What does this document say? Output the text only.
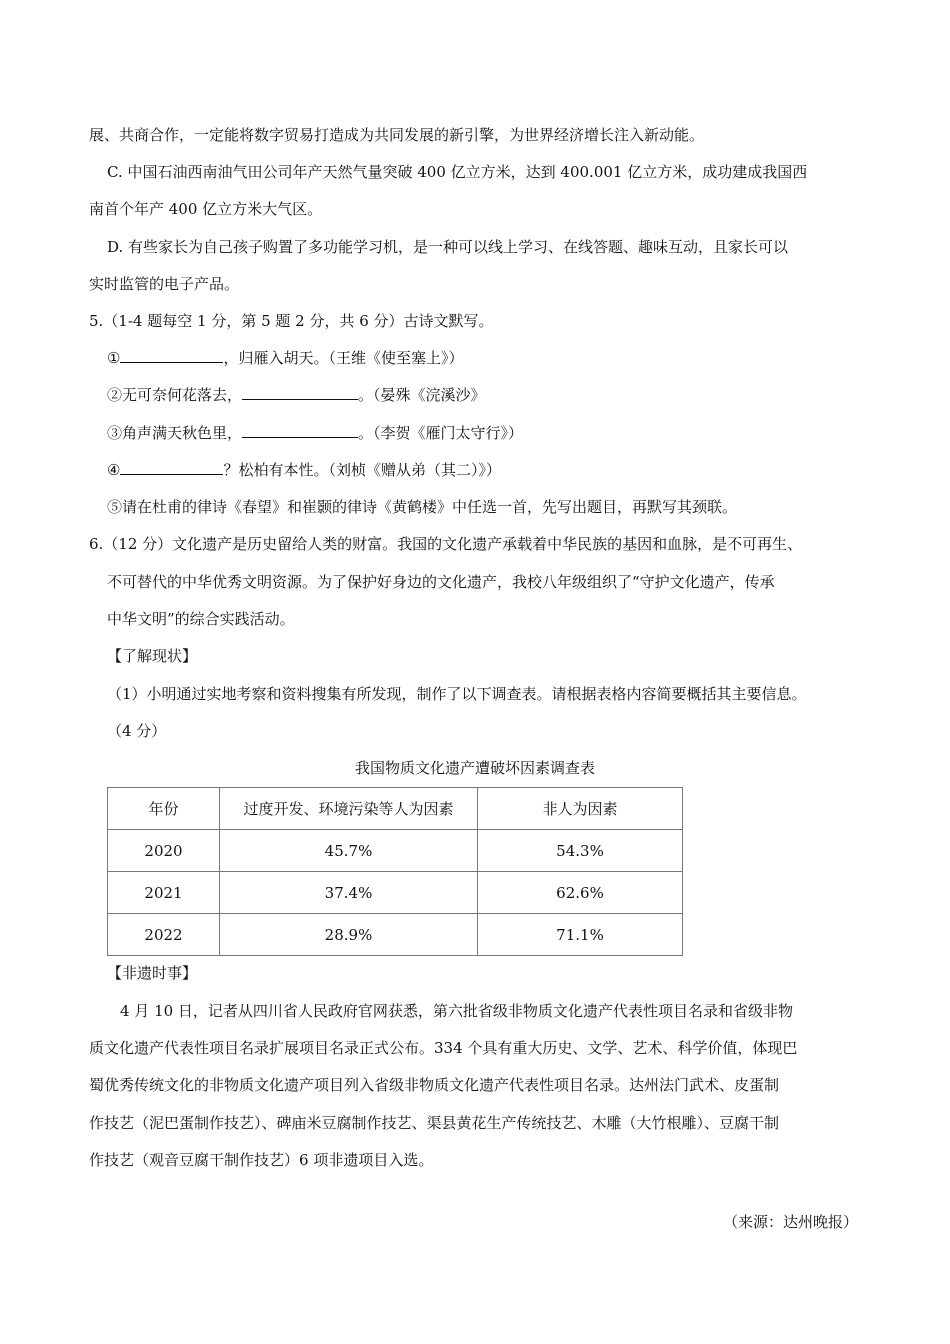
展、共商合作，一定能将数字贸易打造成为共同发展的新引擎，为世界经济增长注入新动能。
C. 中国石油西南油气田公司年产天然气量突破 400 亿立方米，达到 400.001 亿立方米，成功建成我国西
南首个年产 400 亿立方米大气区。
D. 有些家长为自己孩子购置了多功能学习机，是一种可以线上学习、在线答题、趣味互动，且家长可以
实时监管的电子产品。
5.（1-4 题每空 1 分，第 5 题 2 分，共 6 分）古诗文默写。
①	，归雁入胡天。（王维《使至塞上》）
②无可奈何花落去，	。（晏殊《浣溪沙》
③角声满天秋色里，	。（李贺《雁门太守行》）
④	？松柏有本性。（刘桢《赠从弟（其二）》）
⑤请在杜甫的律诗《春望》和崔颢的律诗《黄鹤楼》中任选一首，先写出题目，再默写其颈联。
6.（12 分）文化遗产是历史留给人类的财富。我国的文化遗产承载着中华民族的基因和血脉，是不可再生、
不可替代的中华优秀文明资源。为了保护好身边的文化遗产，我校八年级组织了“守护文化遗产，传承
中华文明”的综合实践活动。
【了解现状】
（1）小明通过实地考察和资料搜集有所发现，制作了以下调查表。请根据表格内容简要概括其主要信息。
（4 分）
我国物质文化遗产遭破坏因素调查表
年份	过度开发、环境污染等人为因素	非人为因素
2020	45.7%	54.3%
2021	37.4%	62.6%
2022	28.9%	71.1%
【非遗时事】
4 月 10 日，记者从四川省人民政府官网获悉，第六批省级非物质文化遗产代表性项目名录和省级非物
质文化遗产代表性项目名录扩展项目名录正式公布。334 个具有重大历史、文学、艺术、科学价值，体现巴
蜀优秀传统文化的非物质文化遗产项目列入省级非物质文化遗产代表性项目名录。达州法门武术、皮蛋制
作技艺（泥巴蛋制作技艺）、碑庙米豆腐制作技艺、渠县黄花生产传统技艺、木雕（大竹根雕）、豆腐干制
作技艺（观音豆腐干制作技艺）6 项非遗项目入选。
（来源：达州晚报）
